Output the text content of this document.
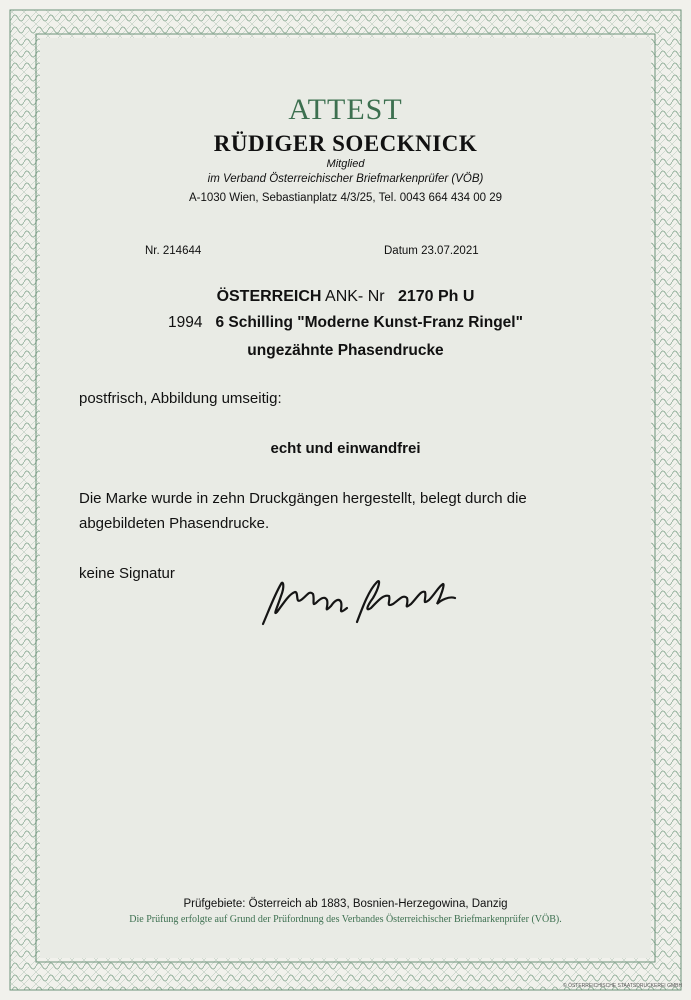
ATTEST
RÜDIGER SOECKNICK
Mitglied
im Verband Österreichischer Briefmarkenprüfer (VÖB)
A-1030 Wien, Sebastianplatz 4/3/25, Tel. 0043 664 434 00 29
Nr. 214644	Datum 23.07.2021
ÖSTERREICH ANK- Nr 2170 Ph U
1994 6 Schilling "Moderne Kunst-Franz Ringel"
ungezähnte Phasendrucke
postfrisch, Abbildung umseitig:
echt und einwandfrei
Die Marke wurde in zehn Druckgängen hergestellt, belegt durch die
abgebildeten Phasendrucke.
keine Signatur
Prüfgebiete: Österreich ab 1883, Bosnien-Herzegowina, Danzig
Die Prüfung erfolgte auf Grund der Prüfordnung des Verbandes Österreichischer Briefmarkenprüfer (VÖB).
© ÖSTERREICHISCHE STAATSDRUCKEREI GMBH
